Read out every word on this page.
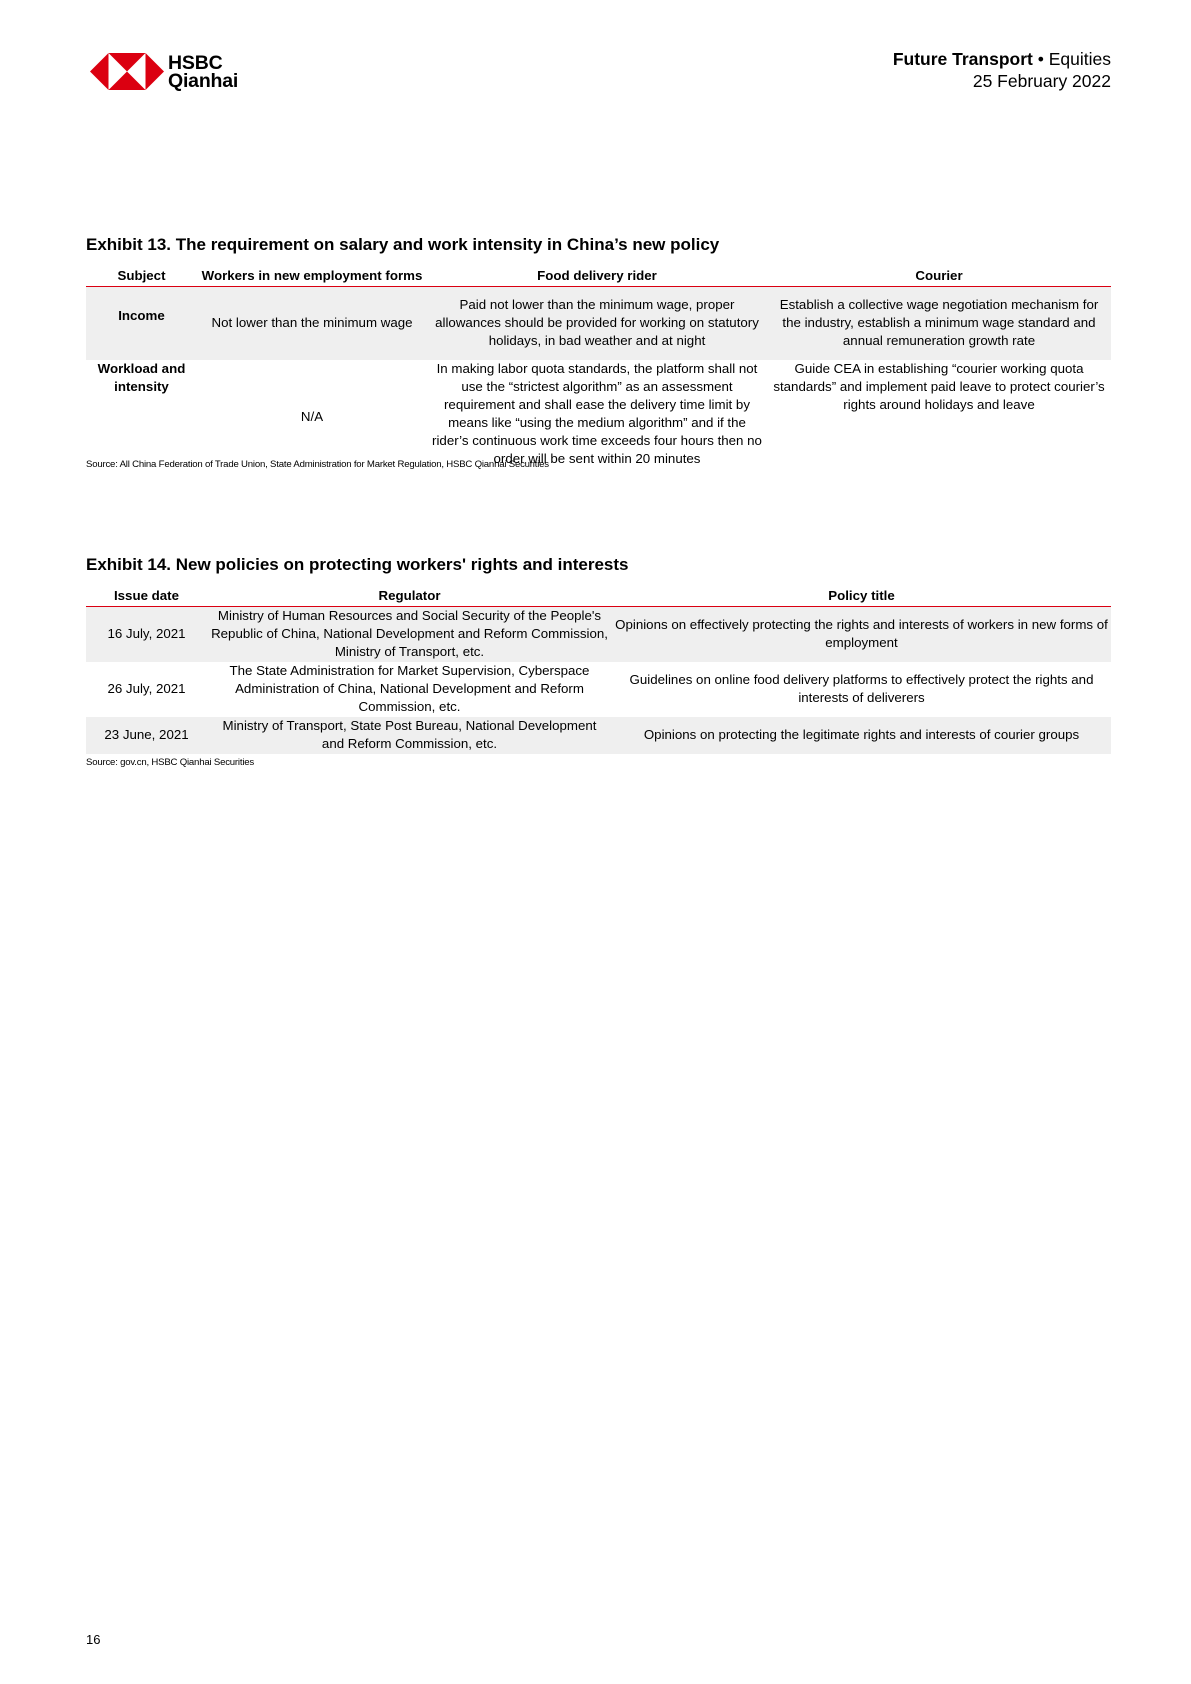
HSBC
Qianhai
Future Transport • Equities
25 February 2022
Exhibit 13. The requirement on salary and work intensity in China’s new policy
Subject	Workers in new employment forms	Food delivery rider	Courier
Income	Not lower than the minimum wage	Paid not lower than the minimum wage, proper allowances should be provided for working on statutory holidays, in bad weather and at night	Establish a collective wage negotiation mechanism for the industry, establish a minimum wage standard and annual remuneration growth rate
Workload and intensity	N/A	In making labor quota standards, the platform shall not use the “strictest algorithm” as an assessment requirement and shall ease the delivery time limit by means like “using the medium algorithm” and if the rider’s continuous work time exceeds four hours then no order will be sent within 20 minutes	Guide CEA in establishing “courier working quota standards” and implement paid leave to protect courier’s rights around holidays and leave
Source: All China Federation of Trade Union, State Administration for Market Regulation, HSBC Qianhai Securities
Exhibit 14. New policies on protecting workers' rights and interests
Issue date	Regulator	Policy title
16 July, 2021	Ministry of Human Resources and Social Security of the People's Republic of China, National Development and Reform Commission, Ministry of Transport, etc.	Opinions on effectively protecting the rights and interests of workers in new forms of employment
26 July, 2021	The State Administration for Market Supervision, Cyberspace Administration of China, National Development and Reform Commission, etc.	Guidelines on online food delivery platforms to effectively protect the rights and interests of deliverers
23 June, 2021	Ministry of Transport, State Post Bureau, National Development and Reform Commission, etc.	Opinions on protecting the legitimate rights and interests of courier groups
Source: gov.cn, HSBC Qianhai Securities
16
